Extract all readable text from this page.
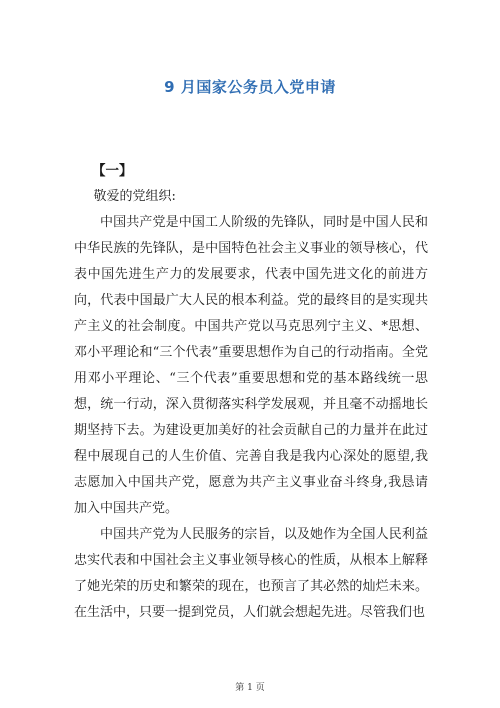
9 月国家公务员入党申请

【一】

敬爱的党组织:

中国共产党是中国工人阶级的先锋队，同时是中国人民和中华民族的先锋队，是中国特色社会主义事业的领导核心，代表中国先进生产力的发展要求，代表中国先进文化的前进方向，代表中国最广大人民的根本利益。党的最终目的是实现共产主义的社会制度。中国共产党以马克思列宁主义、*思想、邓小平理论和“三个代表”重要思想作为自己的行动指南。全党用邓小平理论、“三个代表”重要思想和党的基本路线统一思想，统一行动，深入贯彻落实科学发展观，并且毫不动摇地长期坚持下去。为建设更加美好的社会贡献自己的力量并在此过程中展现自己的人生价值、完善自我是我内心深处的愿望,我志愿加入中国共产党，愿意为共产主义事业奋斗终身,我恳请加入中国共产党。

中国共产党为人民服务的宗旨，以及她作为全国人民利益忠实代表和中国社会主义事业领导核心的性质，从根本上解释了她光荣的历史和繁荣的现在，也预言了其必然的灿烂未来。在生活中，只要一提到党员，人们就会想起先进。尽管我们也

第 1 页
